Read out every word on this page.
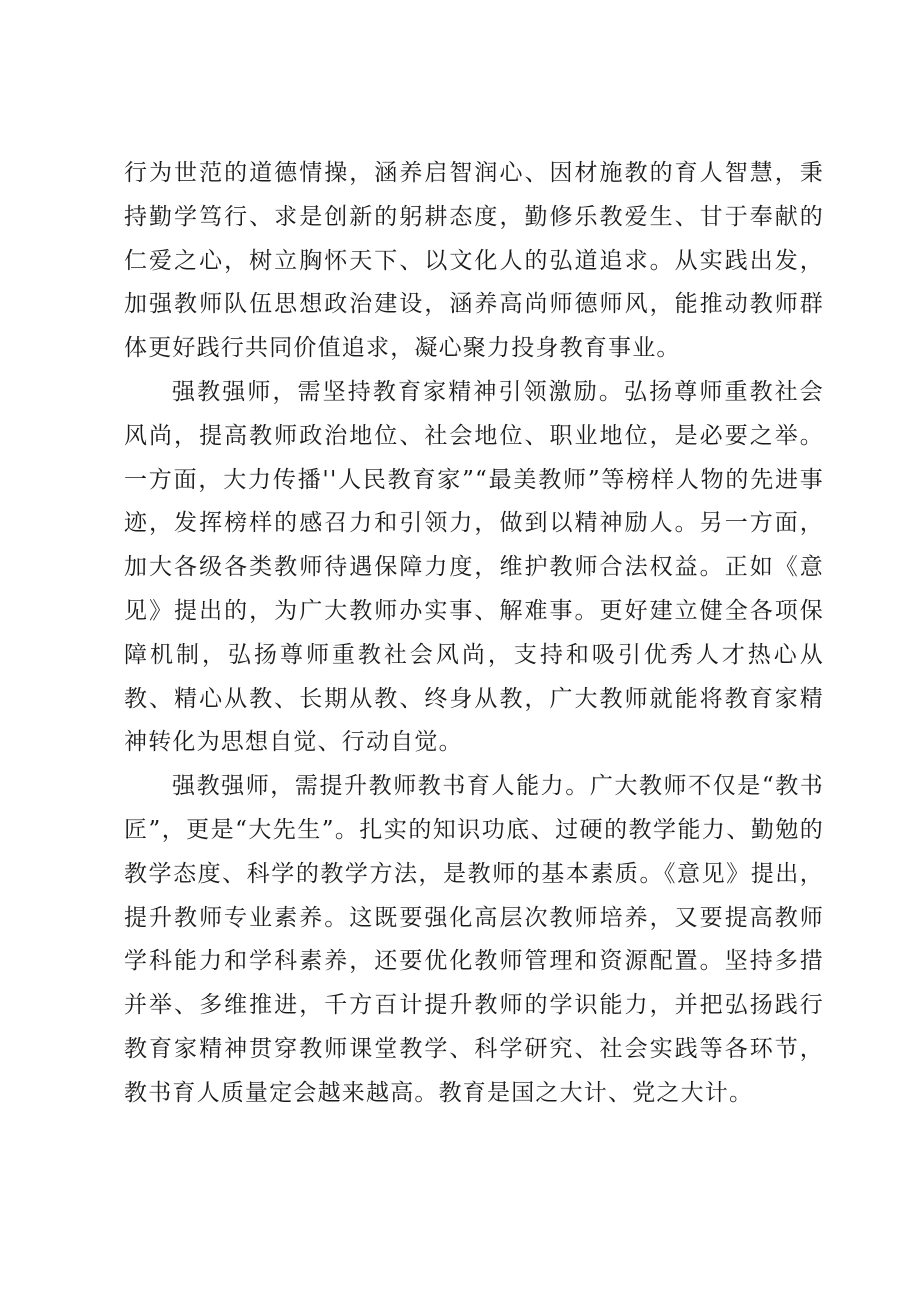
行为世范的道德情操，涵养启智润心、因材施教的育人智慧，秉持勤学笃行、求是创新的躬耕态度，勤修乐教爱生、甘于奉献的仁爱之心，树立胸怀天下、以文化人的弘道追求。从实践出发，加强教师队伍思想政治建设，涵养高尚师德师风，能推动教师群体更好践行共同价值追求，凝心聚力投身教育事业。

强教强师，需坚持教育家精神引领激励。弘扬尊师重教社会风尚，提高教师政治地位、社会地位、职业地位，是必要之举。一方面，大力传播''人民教育家”“最美教师”等榜样人物的先进事迹，发挥榜样的感召力和引领力，做到以精神励人。另一方面，加大各级各类教师待遇保障力度，维护教师合法权益。正如《意见》提出的，为广大教师办实事、解难事。更好建立健全各项保障机制，弘扬尊师重教社会风尚，支持和吸引优秀人才热心从教、精心从教、长期从教、终身从教，广大教师就能将教育家精神转化为思想自觉、行动自觉。

强教强师，需提升教师教书育人能力。广大教师不仅是“教书匠”，更是“大先生”。扎实的知识功底、过硬的教学能力、勤勉的教学态度、科学的教学方法，是教师的基本素质。《意见》提出，提升教师专业素养。这既要强化高层次教师培养，又要提高教师学科能力和学科素养，还要优化教师管理和资源配置。坚持多措并举、多维推进，千方百计提升教师的学识能力，并把弘扬践行教育家精神贯穿教师课堂教学、科学研究、社会实践等各环节，教书育人质量定会越来越高。教育是国之大计、党之大计。
